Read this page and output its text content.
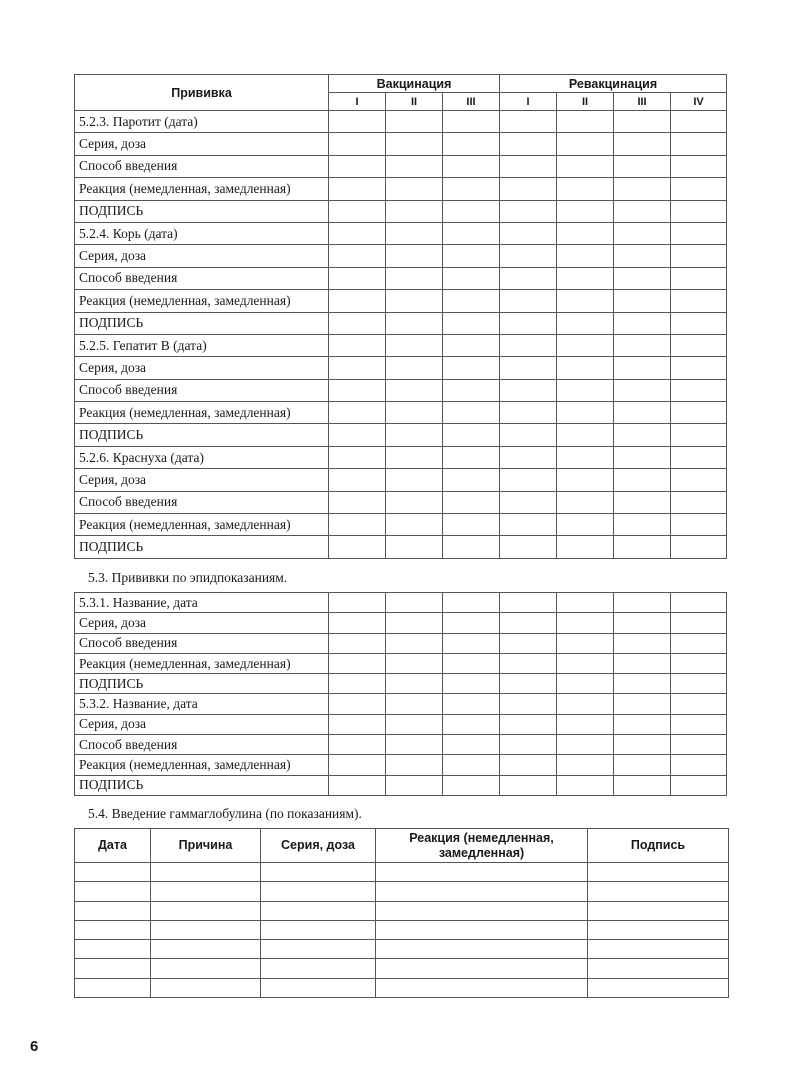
Прививка	Вакцинация			Ревакцинация			
	I	II	III	I	II	III	IV
5.2.3. Паротит (дата)							
Серия, доза							
Способ введения							
Реакция (немедленная, замедленная)							
ПОДПИСЬ							
5.2.4. Корь (дата)							
Серия, доза							
Способ введения							
Реакция (немедленная, замедленная)							
ПОДПИСЬ							
5.2.5. Гепатит В (дата)							
Серия, доза							
Способ введения							
Реакция (немедленная, замедленная)							
ПОДПИСЬ							
5.2.6. Краснуха (дата)							
Серия, доза							
Способ введения							
Реакция (немедленная, замедленная)							
ПОДПИСЬ							
5.3. Прививки по эпидпоказаниям.
5.3.1. Название, дата							
Серия, доза							
Способ введения							
Реакция (немедленная, замедленная)							
ПОДПИСЬ							
5.3.2. Название, дата							
Серия, доза							
Способ введения							
Реакция (немедленная, замедленная)							
ПОДПИСЬ							
5.4. Введение гаммаглобулина (по показаниям).
Дата	Причина	Серия, доза	Реакция (немедленная,
замедленная)	Подпись

6
